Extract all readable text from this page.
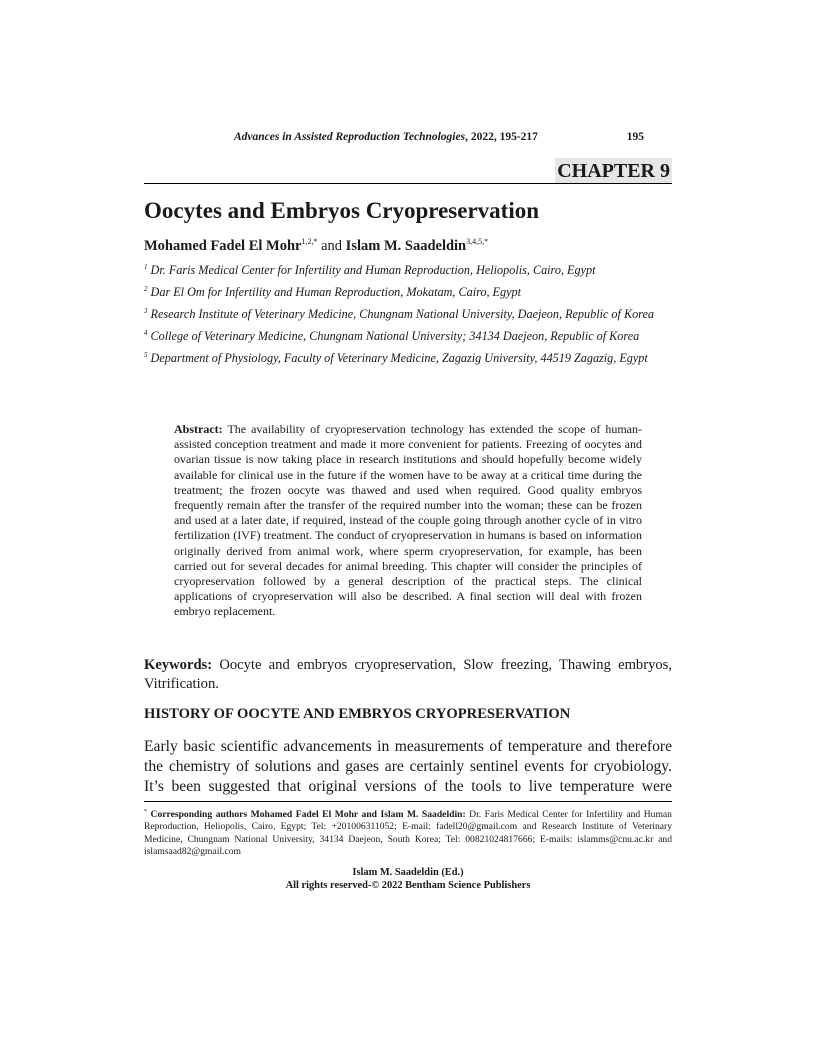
Advances in Assisted Reproduction Technologies, 2022, 195-217	195
CHAPTER 9
Oocytes and Embryos Cryopreservation
Mohamed Fadel El Mohr$^{1,2,*}$ and Islam M. Saadeldin$^{3,4,5,*}$

$^1$ Dr. Faris Medical Center for Infertility and Human Reproduction, Heliopolis, Cairo, Egypt

$^2$ Dar El Om for Infertility and Human Reproduction, Mokatam, Cairo, Egypt

$^3$ Research Institute of Veterinary Medicine, Chungnam National University, Daejeon, Republic of Korea

$^4$ College of Veterinary Medicine, Chungnam National University; 34134 Daejeon, Republic of Korea

$^5$ Department of Physiology, Faculty of Veterinary Medicine, Zagazig University, 44519 Zagazig, Egypt

Abstract: The availability of cryopreservation technology has extended the scope of human-assisted conception treatment and made it more convenient for patients. Freezing of oocytes and ovarian tissue is now taking place in research institutions and should hopefully become widely available for clinical use in the future if the women have to be away at a critical time during the treatment; the frozen oocyte was thawed and used when required. Good quality embryos frequently remain after the transfer of the required number into the woman; these can be frozen and used at a later date, if required, instead of the couple going through another cycle of in vitro fertilization (IVF) treatment. The conduct of cryopreservation in humans is based on information originally derived from animal work, where sperm cryopreservation, for example, has been carried out for several decades for animal breeding. This chapter will consider the principles of cryopreservation followed by a general description of the practical steps. The clinical applications of cryopreservation will also be described. A final section will deal with frozen embryo replacement.

Keywords: Oocyte and embryos cryopreservation, Slow freezing, Thawing embryos, Vitrification.

HISTORY OF OOCYTE AND EMBRYOS CRYOPRESERVATION

Early basic scientific advancements in measurements of temperature and therefore the chemistry of solutions and gases are certainly sentinel events for cryobiology. It’s been suggested that original versions of the tools to live temperature were

* Corresponding authors Mohamed Fadel El Mohr and Islam M. Saadeldin: Dr. Faris Medical Center for Infertility and Human Reproduction, Heliopolis, Cairo, Egypt; Tel: +201006311052; E-mail: fadell20@gmail.com and Research Institute of Veterinary Medicine, Chungnam National University, 34134 Daejeon, South Korea; Tel: 00821024817666; E-mails: islamms@cnu.ac.kr and islamsaad82@gmail.com

Islam M. Saadeldin (Ed.)
All rights reserved-© 2022 Bentham Science Publishers
